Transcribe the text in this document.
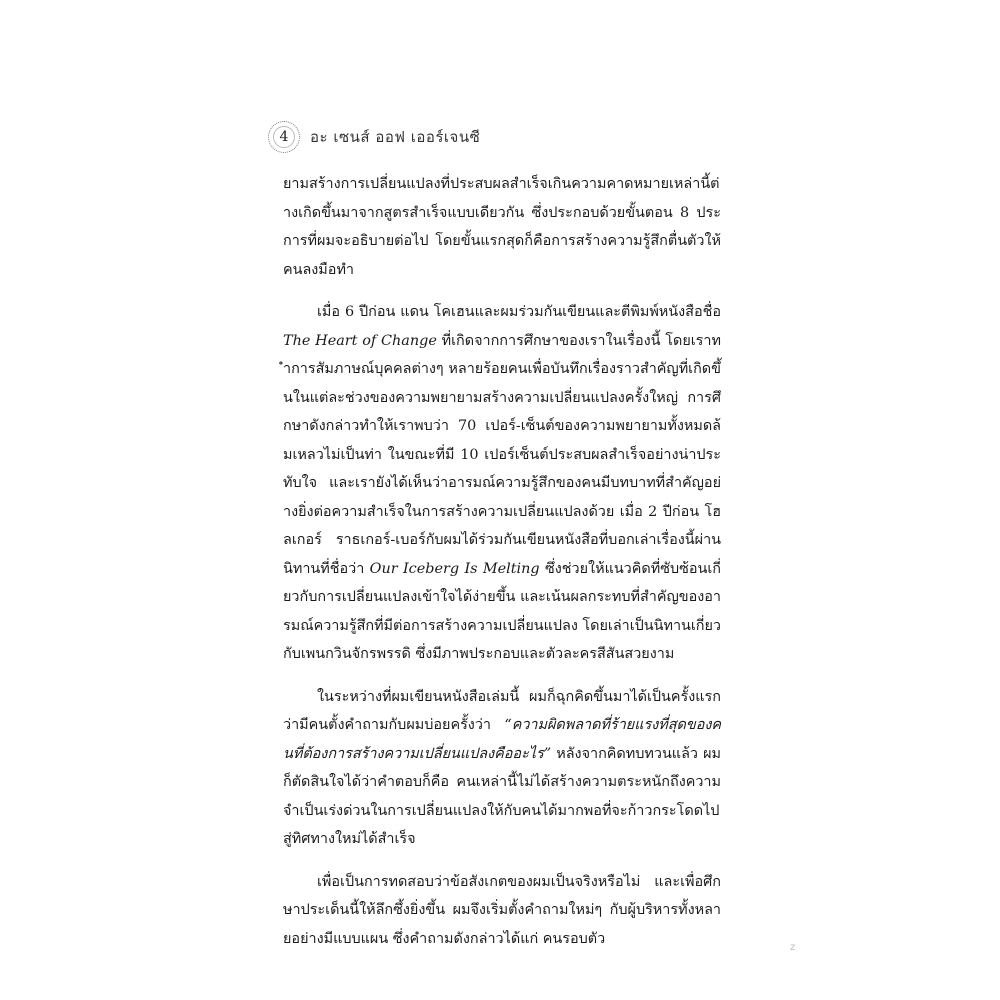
4 อะ เซนส์ ออฟ เออร์เจนซี

ยามสร้างการเปลี่ยนแปลงที่ประสบผลสำเร็จเกินความคาดหมายเหล่านี้ต่างเกิดขึ้นมาจากสูตรสำเร็จแบบเดียวกัน ซึ่งประกอบด้วยขั้นตอน 8 ประการที่ผมจะอธิบายต่อไป โดยขั้นแรกสุดก็คือการสร้างความรู้สึกตื่นตัวให้คนลงมือทำ

เมื่อ 6 ปีก่อน แดน โคเฮนและผมร่วมกันเขียนและตีพิมพ์หนังสือชื่อ The Heart of Change ที่เกิดจากการศึกษาของเราในเรื่องนี้ โดยเราทำการสัมภาษณ์บุคคลต่างๆ หลายร้อยคนเพื่อบันทึกเรื่องราวสำคัญที่เกิดขึ้นในแต่ละช่วงของความพยายามสร้างความเปลี่ยนแปลงครั้งใหญ่ การศึกษาดังกล่าวทำให้เราพบว่า 70 เปอร์-เซ็นต์ของความพยายามทั้งหมดล้มเหลวไม่เป็นท่า ในขณะที่มี 10 เปอร์เซ็นต์ประสบผลสำเร็จอย่างน่าประทับใจ และเรายังได้เห็นว่าอารมณ์ความรู้สึกของคนมีบทบาทที่สำคัญอย่างยิ่งต่อความสำเร็จในการสร้างความเปลี่ยนแปลงด้วย เมื่อ 2 ปีก่อน โฮลเกอร์ ราธเกอร์-เบอร์กับผมได้ร่วมกันเขียนหนังสือที่บอกเล่าเรื่องนี้ผ่านนิทานที่ชื่อว่า Our Iceberg Is Melting ซึ่งช่วยให้แนวคิดที่ซับซ้อนเกี่ยวกับการเปลี่ยนแปลงเข้าใจได้ง่ายขึ้น และเน้นผลกระทบที่สำคัญของอารมณ์ความรู้สึกที่มีต่อการสร้างความเปลี่ยนแปลง โดยเล่าเป็นนิทานเกี่ยวกับเพนกวินจักรพรรดิ ซึ่งมีภาพประกอบและตัวละครสีสันสวยงาม

ในระหว่างที่ผมเขียนหนังสือเล่มนี้ ผมก็ฉุกคิดขึ้นมาได้เป็นครั้งแรกว่ามีคนตั้งคำถามกับผมบ่อยครั้งว่า “ความผิดพลาดที่ร้ายแรงที่สุดของคนที่ต้องการสร้างความเปลี่ยนแปลงคืออะไร” หลังจากคิดทบทวนแล้ว ผมก็ตัดสินใจได้ว่าคำตอบก็คือ คนเหล่านี้ไม่ได้สร้างความตระหนักถึงความจำเป็นเร่งด่วนในการเปลี่ยนแปลงให้กับคนได้มากพอที่จะก้าวกระโดดไปสู่ทิศทางใหม่ได้สำเร็จ

เพื่อเป็นการทดสอบว่าข้อสังเกตของผมเป็นจริงหรือไม่ และเพื่อศึกษาประเด็นนี้ให้ลึกซึ้งยิ่งขึ้น ผมจึงเริ่มตั้งคำถามใหม่ๆ กับผู้บริหารทั้งหลายอย่างมีแบบแผน ซึ่งคำถามดังกล่าวได้แก่ คนรอบตัว

z
